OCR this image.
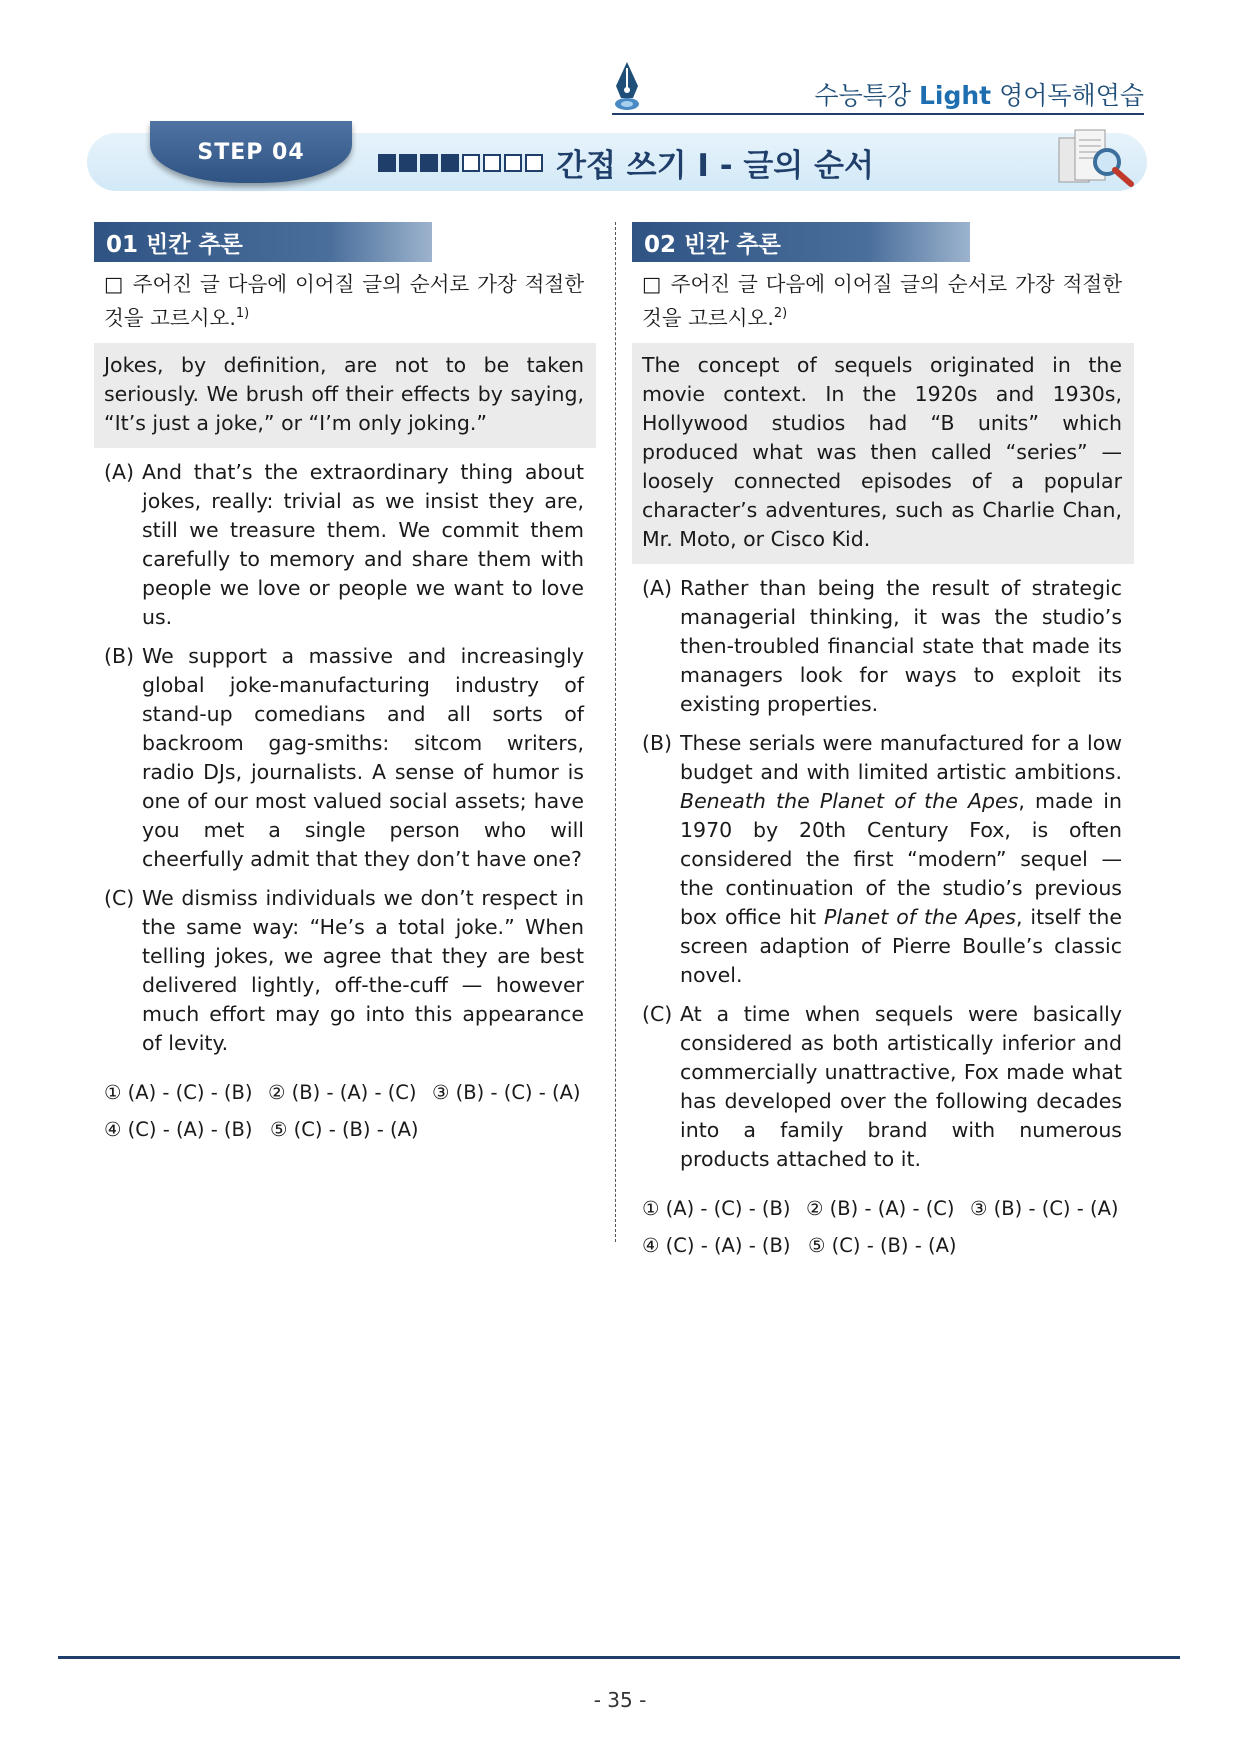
수능특강 Light 영어독해연습
STEP 04	간접 쓰기 I - 글의 순서
01 빈칸 추론
□ 주어진 글 다음에 이어질 글의 순서로 가장 적절한 것을 고르시오.$^{1)}$
Jokes, by definition, are not to be taken seriously. We brush off their effects by saying, “It’s just a joke,” or “I’m only joking.”
(A) And that’s the extraordinary thing about jokes, really: trivial as we insist they are, still we treasure them. We commit them carefully to memory and share them with people we love or people we want to love us.
(B) We support a massive and increasingly global joke-manufacturing industry of stand-up comedians and all sorts of backroom gag-smiths: sitcom writers, radio DJs, journalists. A sense of humor is one of our most valued social assets; have you met a single person who will cheerfully admit that they don’t have one?
(C) We dismiss individuals we don’t respect in the same way: “He’s a total joke.” When telling jokes, we agree that they are best delivered lightly, off-the-cuff — however much effort may go into this appearance of levity.
① (A) - (C) - (B) ② (B) - (A) - (C) ③ (B) - (C) - (A)
④ (C) - (A) - (B) ⑤ (C) - (B) - (A)
02 빈칸 추론
□ 주어진 글 다음에 이어질 글의 순서로 가장 적절한 것을 고르시오.$^{2)}$
The concept of sequels originated in the movie context. In the 1920s and 1930s, Hollywood studios had “B units” which produced what was then called “series” — loosely connected episodes of a popular character’s adventures, such as Charlie Chan, Mr. Moto, or Cisco Kid.
(A) Rather than being the result of strategic managerial thinking, it was the studio’s then-troubled financial state that made its managers look for ways to exploit its existing properties.
(B) These serials were manufactured for a low budget and with limited artistic ambitions. Beneath the Planet of the Apes, made in 1970 by 20th Century Fox, is often considered the first “modern” sequel — the continuation of the studio’s previous box office hit Planet of the Apes, itself the screen adaption of Pierre Boulle’s classic novel.
(C) At a time when sequels were basically considered as both artistically inferior and commercially unattractive, Fox made what has developed over the following decades into a family brand with numerous products attached to it.
① (A) - (C) - (B) ② (B) - (A) - (C) ③ (B) - (C) - (A)
④ (C) - (A) - (B) ⑤ (C) - (B) - (A)
- 35 -
